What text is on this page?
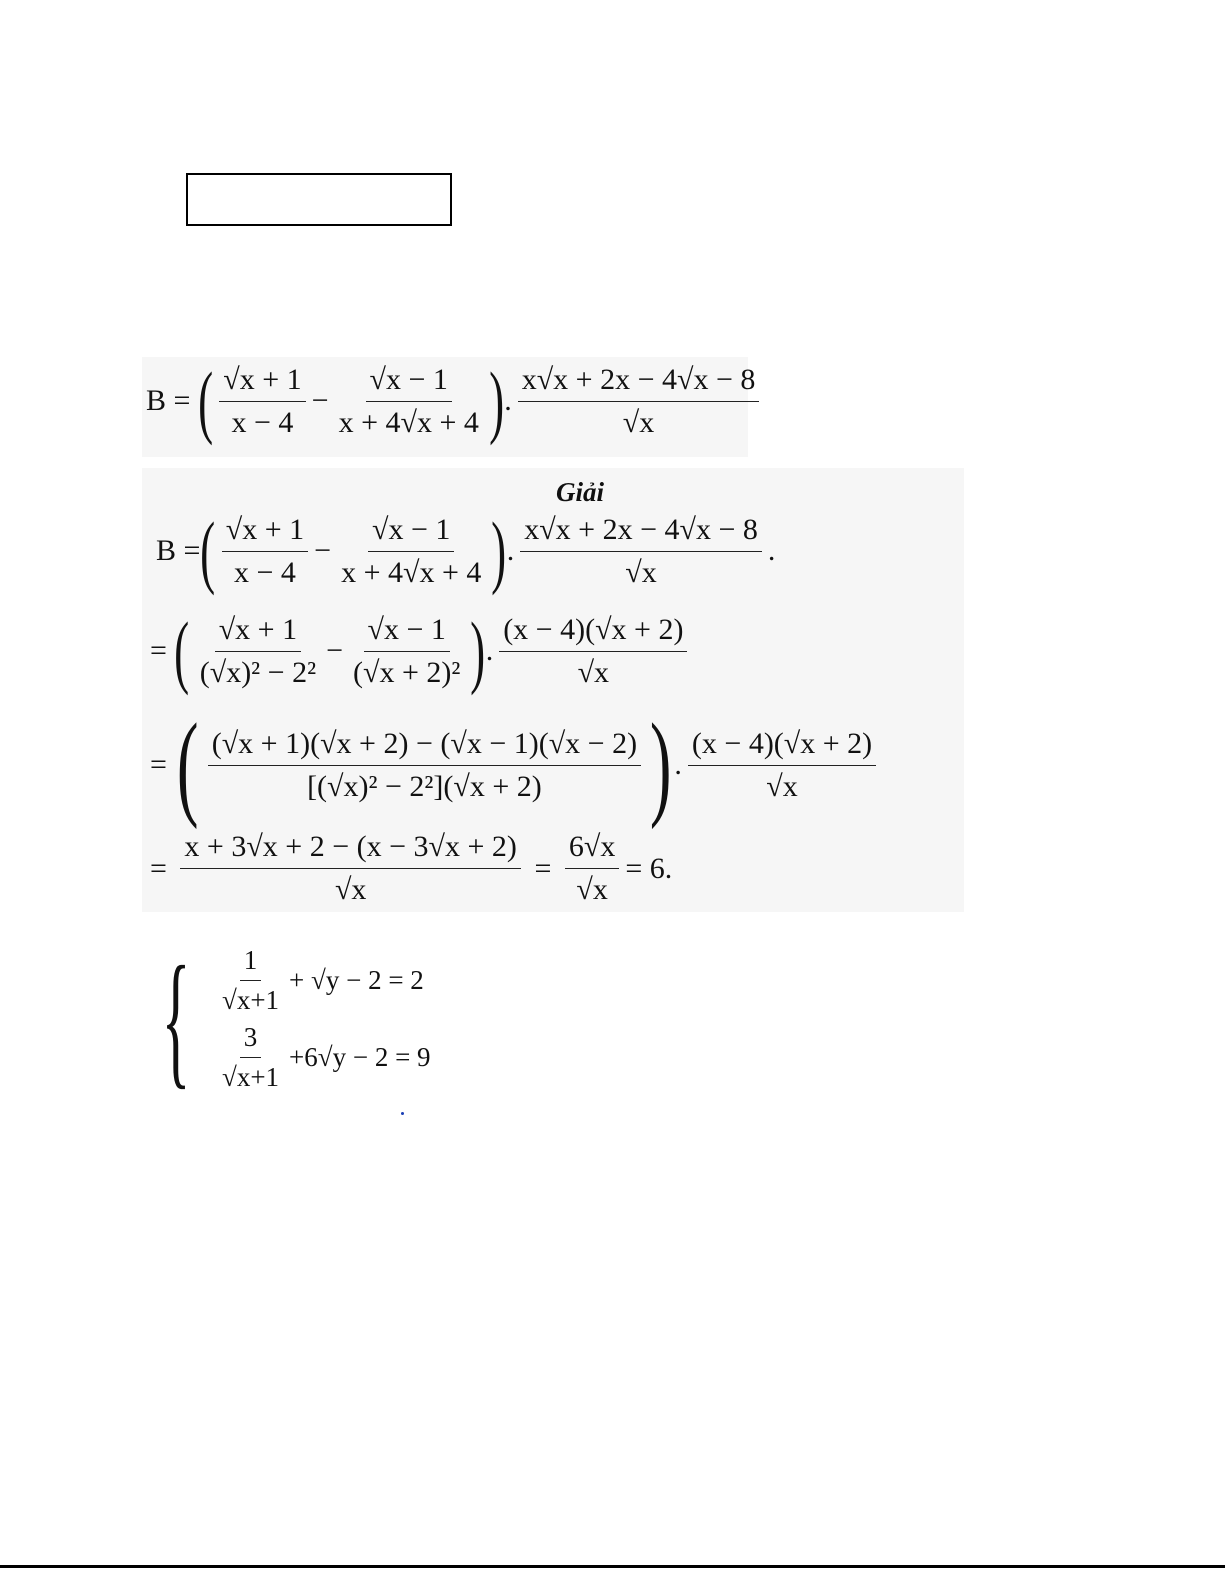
B = ( $\frac{√x + 1}{x - 4} - \frac{√x - 1}{x + 4√x + 4}$ ) . $\frac{x√x + 2x - 4√x - 8}{√x}$
Giải
B = ( $\frac{√x + 1}{x - 4} - \frac{√x - 1}{x + 4√x + 4}$ ) . $\frac{x√x + 2x - 4√x - 8}{√x}$ .
= ( $\frac{√x + 1}{\text{(√x)² − 2²}} - \frac{√x - 1}{\text{(√x + 2)²}}$ ) . $\frac{(x - 4)(√x + 2)}{√x}$
= ( $\frac{(√x + 1)(√x + 2) - (√x - 1)(√x - 2)}{\text{[(√x)² − 2²](√x + 2)}}$ ) . $\frac{(x - 4)(√x + 2)}{√x}$
= $\frac{x + 3√x + 2 - (x - 3√x + 2)}{√x} = \frac{6√x}{√x} = 6$.
{ $\frac{1}{√x+1} + √y - 2 = 2$
$\frac{3}{√x+1} +6√y - 2 = 9$
